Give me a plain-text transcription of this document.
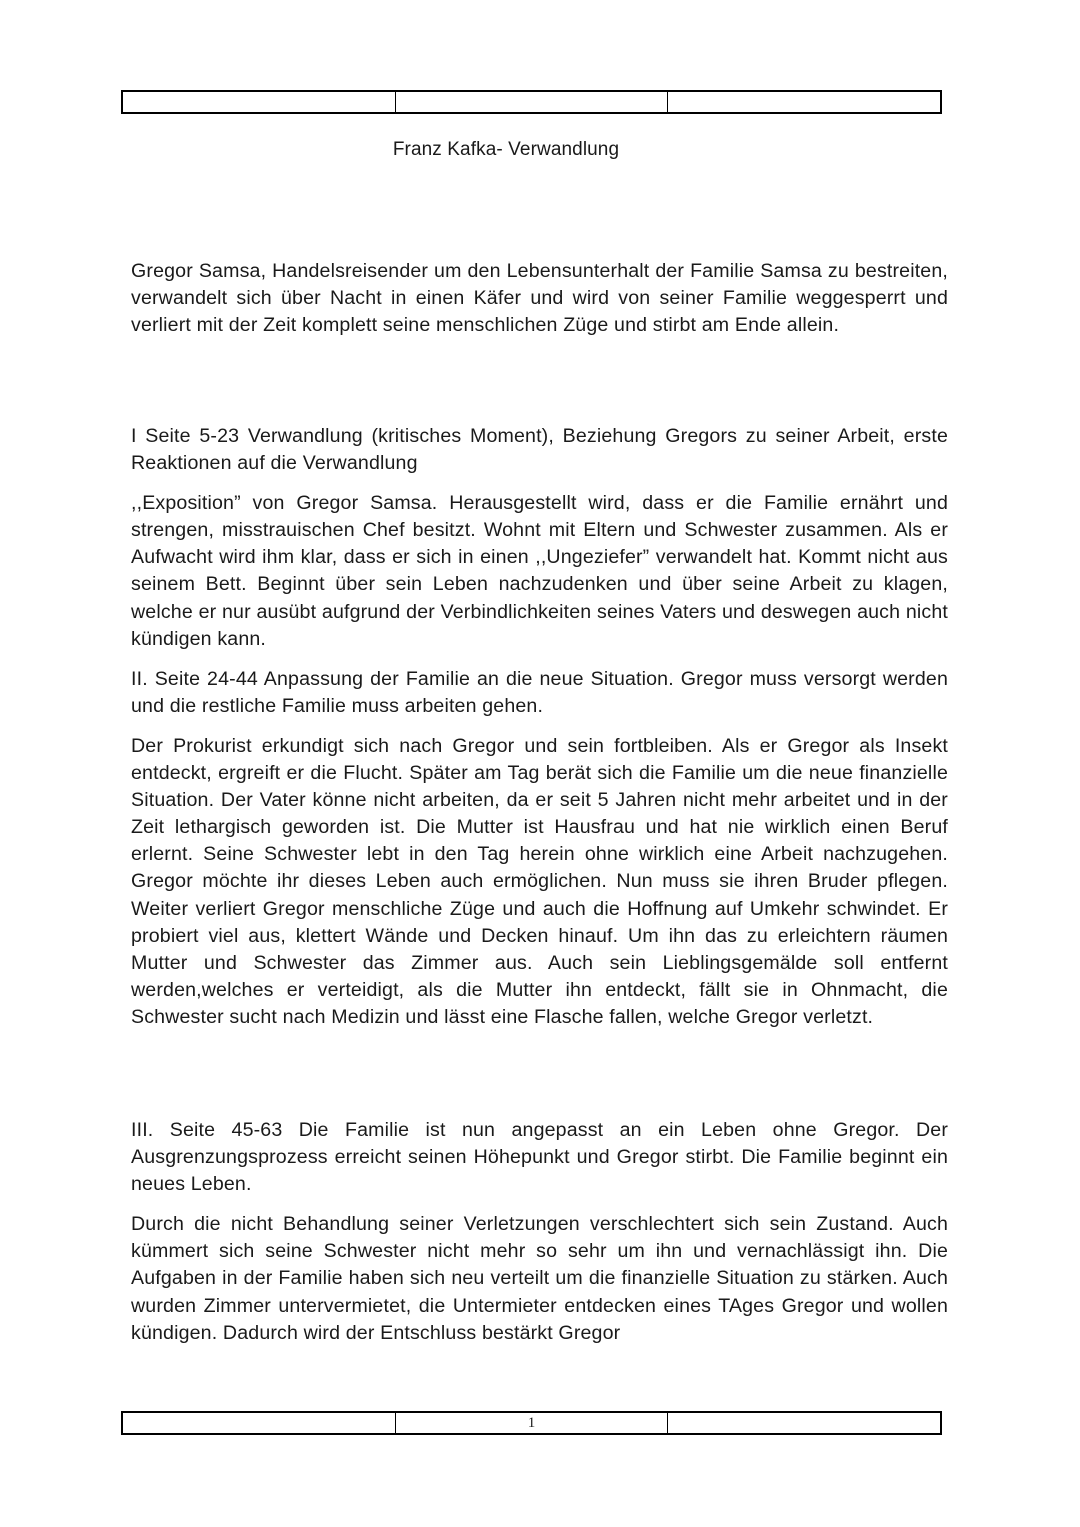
Franz Kafka- Verwandlung

Gregor Samsa, Handelsreisender um den Lebensunterhalt der Familie Samsa zu bestreiten, verwandelt sich über Nacht in einen Käfer und wird von seiner Familie weggesperrt und verliert mit der Zeit komplett seine menschlichen Züge und stirbt am Ende allein.

I Seite 5-23 Verwandlung (kritisches Moment), Beziehung Gregors zu seiner Arbeit, erste Reaktionen auf die Verwandlung

,,Exposition” von Gregor Samsa. Herausgestellt wird, dass er die Familie ernährt und strengen, misstrauischen Chef besitzt. Wohnt mit Eltern und Schwester zusammen. Als er Aufwacht wird ihm klar, dass er sich in einen ,,Ungeziefer” verwandelt hat. Kommt nicht aus seinem Bett. Beginnt über sein Leben nachzudenken und über seine Arbeit zu klagen, welche er nur ausübt aufgrund der Verbindlichkeiten seines Vaters und deswegen auch nicht kündigen kann.

II. Seite 24-44 Anpassung der Familie an die neue Situation. Gregor muss versorgt werden und die restliche Familie muss arbeiten gehen.

Der Prokurist erkundigt sich nach Gregor und sein fortbleiben. Als er Gregor als Insekt entdeckt, ergreift er die Flucht. Später am Tag berät sich die Familie um die neue finanzielle Situation. Der Vater könne nicht arbeiten, da er seit 5 Jahren nicht mehr arbeitet und in der Zeit lethargisch geworden ist. Die Mutter ist Hausfrau und hat nie wirklich einen Beruf erlernt. Seine Schwester lebt in den Tag herein ohne wirklich eine Arbeit nachzugehen. Gregor möchte ihr dieses Leben auch ermöglichen. Nun muss sie ihren Bruder pflegen. Weiter verliert Gregor menschliche Züge und auch die Hoffnung auf Umkehr schwindet. Er probiert viel aus, klettert Wände und Decken hinauf. Um ihn das zu erleichtern räumen Mutter und Schwester das Zimmer aus. Auch sein Lieblingsgemälde soll entfernt werden,welches er verteidigt, als die Mutter ihn entdeckt, fällt sie in Ohnmacht, die Schwester sucht nach Medizin und lässt eine Flasche fallen, welche Gregor verletzt.

III. Seite 45-63 Die Familie ist nun angepasst an ein Leben ohne Gregor. Der Ausgrenzungsprozess erreicht seinen Höhepunkt und Gregor stirbt. Die Familie beginnt ein neues Leben.

Durch die nicht Behandlung seiner Verletzungen verschlechtert sich sein Zustand. Auch kümmert sich seine Schwester nicht mehr so sehr um ihn und vernachlässigt ihn. Die Aufgaben in der Familie haben sich neu verteilt um die finanzielle Situation zu stärken. Auch wurden Zimmer untervermietet, die Untermieter entdecken eines TAges Gregor und wollen kündigen. Dadurch wird der Entschluss bestärkt Gregor

1
